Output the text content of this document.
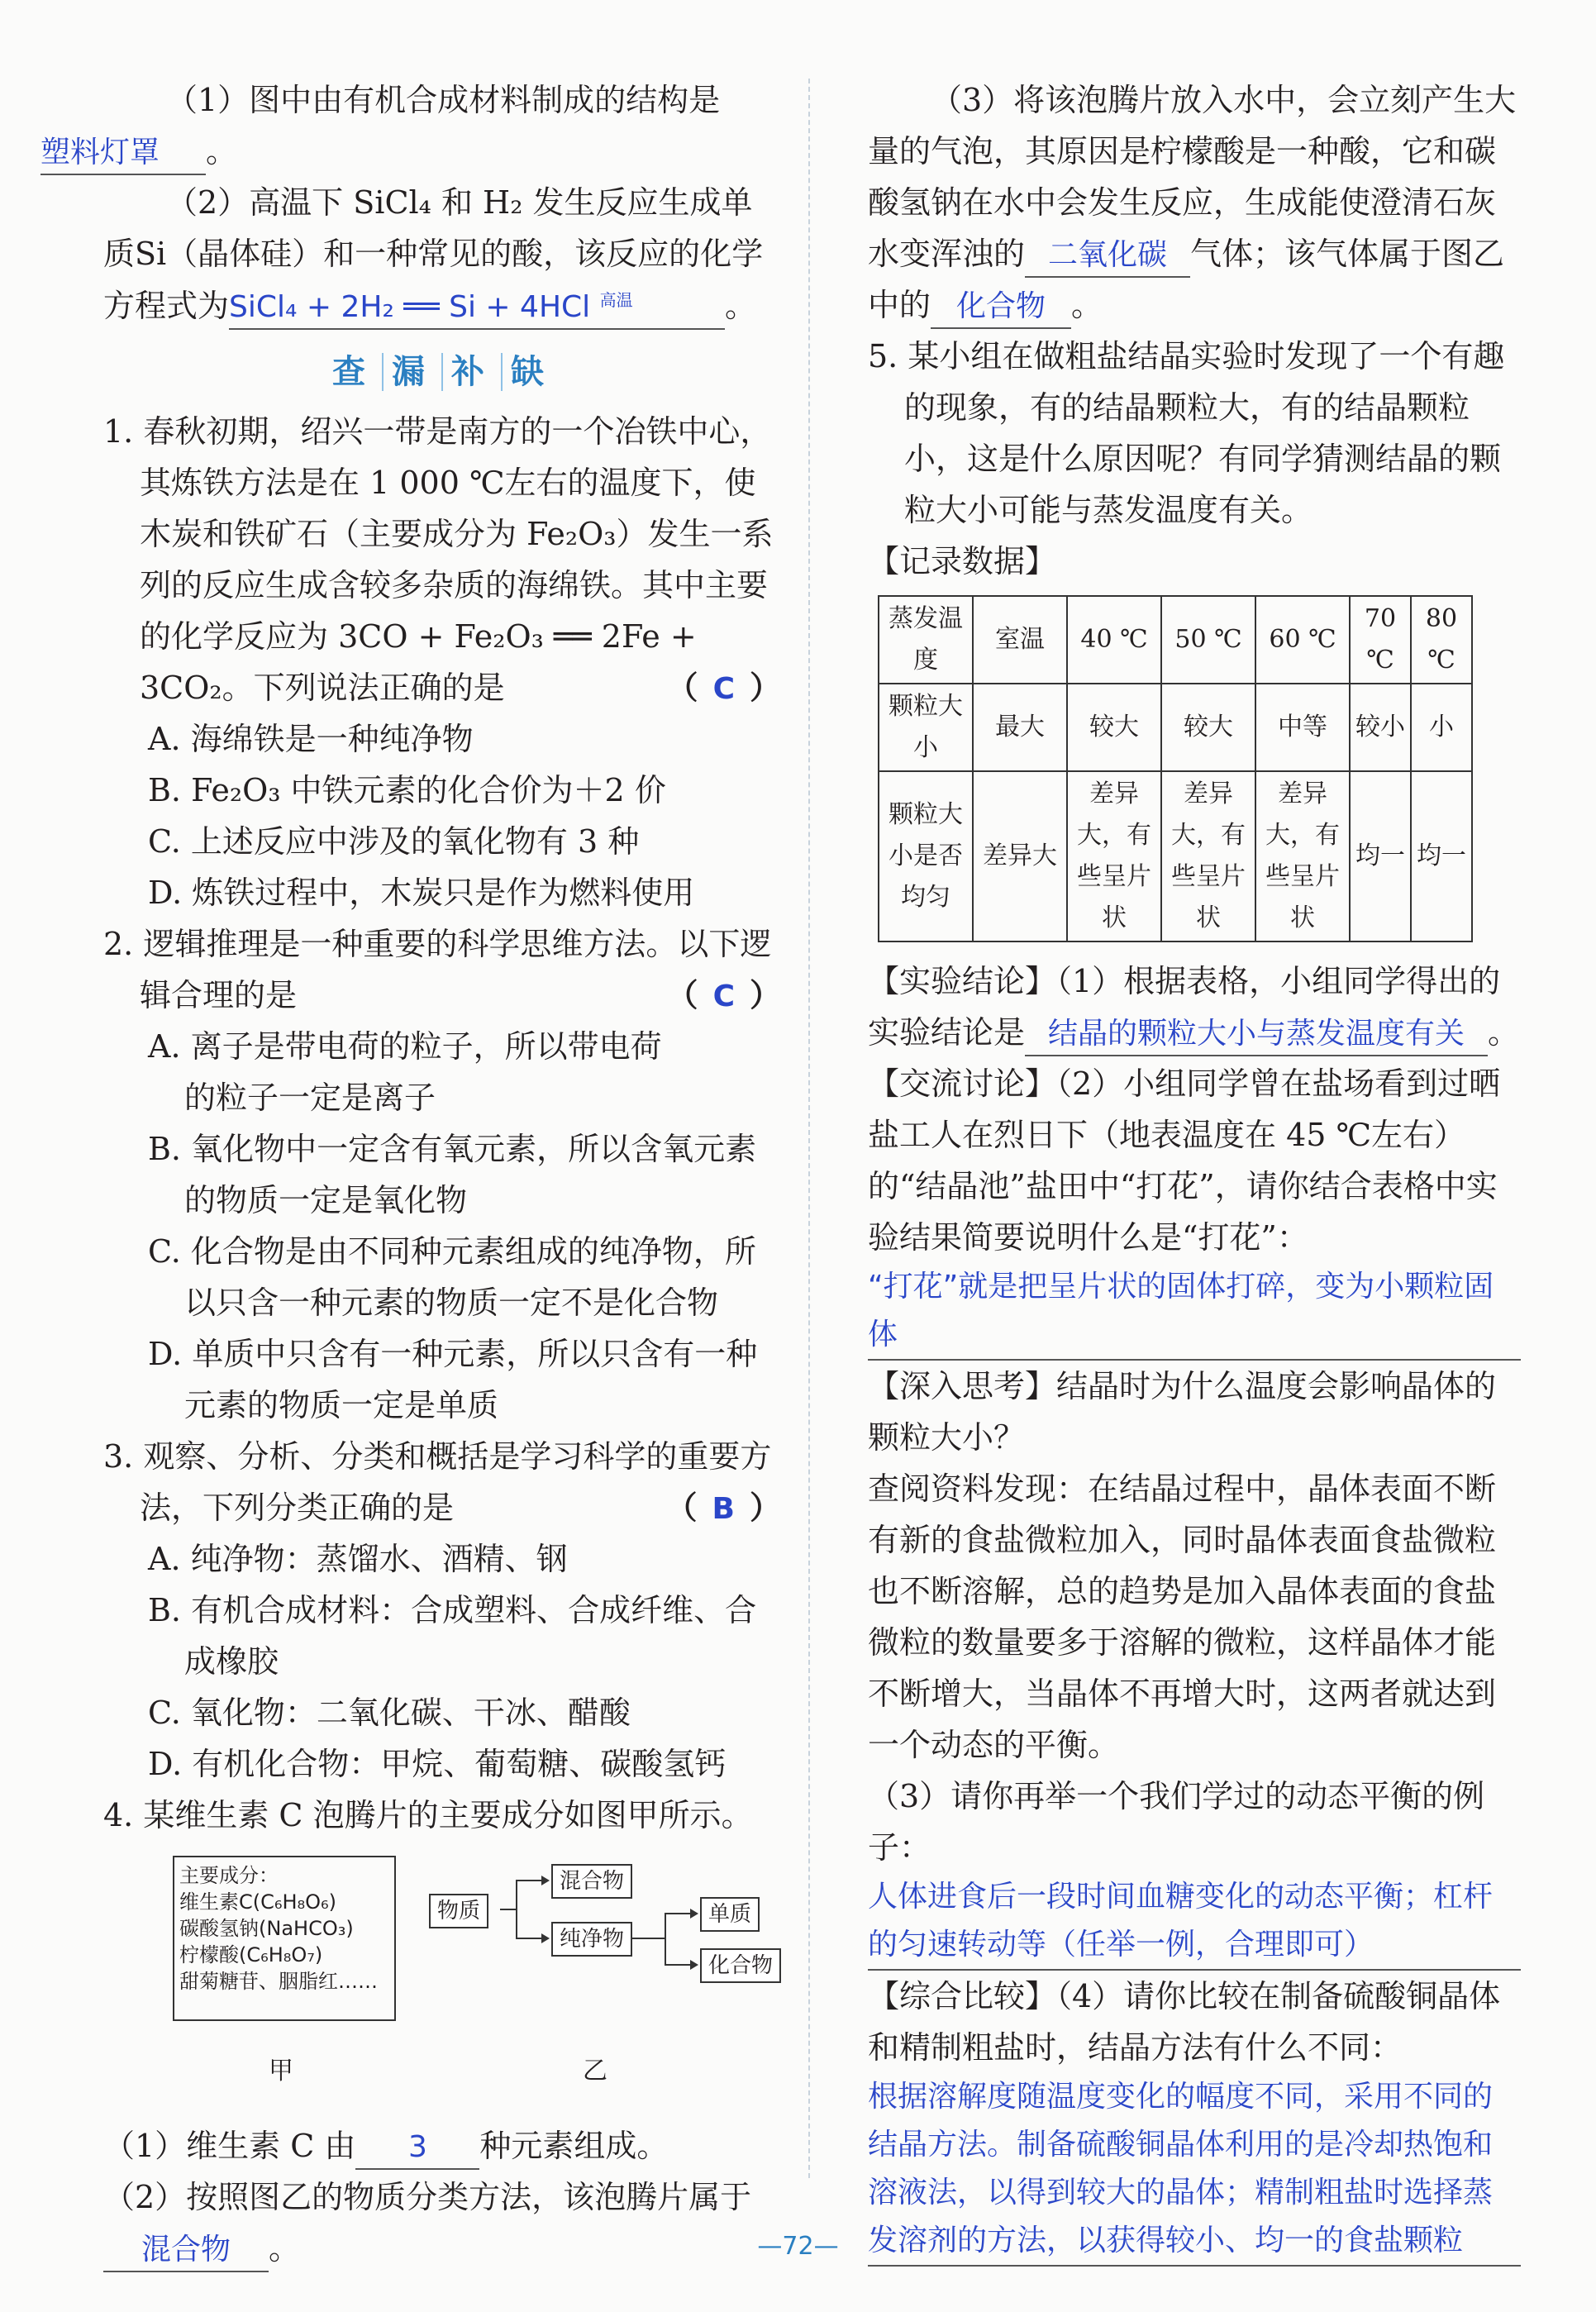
（1）图中由有机合成材料制成的结构是
塑料灯罩 。

（2）高温下 SiCl₄ 和 H₂ 发生反应生成单质Si（晶体硅）和一种常见的酸，该反应的化学方程式为SiCl₄ + 2H₂ ══ Si + 4HCl $^{高温}$	。

查 漏 补 缺

1. 春秋初期，绍兴一带是南方的一个冶铁中心，其炼铁方法是在 1 000 ℃左右的温度下，使木炭和铁矿石（主要成分为 Fe₂O₃）发生一系列的反应生成含较多杂质的海绵铁。其中主要的化学反应为 3CO + Fe₂O₃ ══ 2Fe + 3CO₂。下列说法正确的是	（ C ）

A. 海绵铁是一种纯净物

B. Fe₂O₃ 中铁元素的化合价为＋2 价

C. 上述反应中涉及的氧化物有 3 种

D. 炼铁过程中，木炭只是作为燃料使用

2. 逻辑推理是一种重要的科学思维方法。以下逻辑合理的是	（ C ）

A. 离子是带电荷的粒子，所以带电荷的粒子一定是离子

B. 氧化物中一定含有氧元素，所以含氧元素的物质一定是氧化物

C. 化合物是由不同种元素组成的纯净物，所以只含一种元素的物质一定不是化合物

D. 单质中只含有一种元素，所以只含有一种元素的物质一定是单质

3. 观察、分析、分类和概括是学习科学的重要方法，下列分类正确的是	（ B ）

A. 纯净物：蒸馏水、酒精、钢

B. 有机合成材料：合成塑料、合成纤维、合成橡胶

C. 氧化物：二氧化碳、干冰、醋酸

D. 有机化合物：甲烷、葡萄糖、碳酸氢钙

4. 某维生素 C 泡腾片的主要成分如图甲所示。

主要成分：
维生素C(C₆H₈O₆)
碳酸氢钠(NaHCO₃)
柠檬酸(C₆H₈O₇)
甜菊糖苷、胭脂红……
物质
混合物
纯净物
单质
化合物
甲	乙

（1）维生素 C 由 3 种元素组成。

（2）按照图乙的物质分类方法，该泡腾片属于
混合物 。

（3）将该泡腾片放入水中，会立刻产生大量的气泡，其原因是柠檬酸是一种酸，它和碳酸氢钠在水中会发生反应，生成能使澄清石灰水变浑浊的 二氧化碳 气体；该气体属于图乙中的 化合物 。

5. 某小组在做粗盐结晶实验时发现了一个有趣的现象，有的结晶颗粒大，有的结晶颗粒小，这是什么原因呢？有同学猜测结晶的颗粒大小可能与蒸发温度有关。

【记录数据】

蒸发温度	室温	40 ℃	50 ℃	60 ℃	70 ℃	80 ℃
颗粒大小	最大	较大	较大	中等	较小	小
颗粒大小是否均匀	差异大	差异大，有些呈片状	差异大，有些呈片状	差异大，有些呈片状	均一	均一

【实验结论】（1）根据表格，小组同学得出的实验结论是 结晶的颗粒大小与蒸发温度有关 。

【交流讨论】（2）小组同学曾在盐场看到过晒盐工人在烈日下（地表温度在 45 ℃左右）的“结晶池”盐田中“打花”，请你结合表格中实验结果简要说明什么是“打花”：
“打花”就是把呈片状的固体打碎，变为小颗粒固体

【深入思考】结晶时为什么温度会影响晶体的颗粒大小？

查阅资料发现：在结晶过程中，晶体表面不断有新的食盐微粒加入，同时晶体表面食盐微粒也不断溶解，总的趋势是加入晶体表面的食盐微粒的数量要多于溶解的微粒，这样晶体才能不断增大，当晶体不再增大时，这两者就达到一个动态的平衡。

（3）请你再举一个我们学过的动态平衡的例子：
人体进食后一段时间血糖变化的动态平衡；杠杆的匀速转动等（任举一例，合理即可）

【综合比较】（4）请你比较在制备硫酸铜晶体和精制粗盐时，结晶方法有什么不同：
根据溶解度随温度变化的幅度不同，采用不同的结晶方法。制备硫酸铜晶体利用的是冷却热饱和溶液法，以得到较大的晶体；精制粗盐时选择蒸发溶剂的方法，以获得较小、均一的食盐颗粒

—72—
